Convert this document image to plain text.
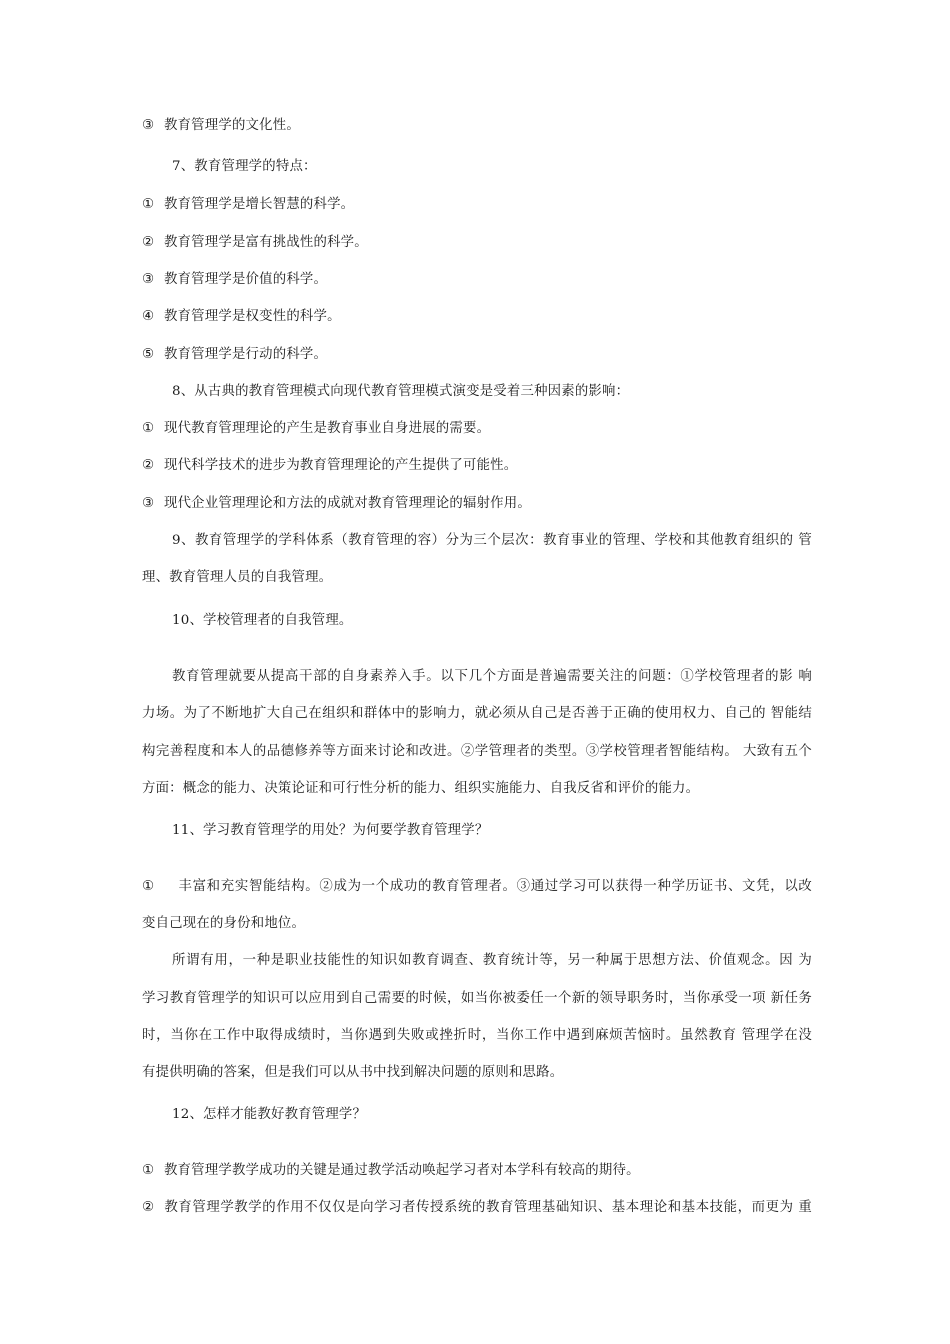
③ 教育管理学的文化性。
7、教育管理学的特点：
① 教育管理学是增长智慧的科学。
② 教育管理学是富有挑战性的科学。
③ 教育管理学是价值的科学。
④ 教育管理学是权变性的科学。
⑤ 教育管理学是行动的科学。
8、从古典的教育管理模式向现代教育管理模式演变是受着三种因素的影响：
① 现代教育管理理论的产生是教育事业自身进展的需要。
② 现代科学技术的进步为教育管理理论的产生提供了可能性。
③ 现代企业管理理论和方法的成就对教育管理理论的辐射作用。
9、教育管理学的学科体系（教育管理的容）分为三个层次：教育事业的管理、学校和其他教育组织的 管
理、教育管理人员的自我管理。
10、学校管理者的自我管理。
教育管理就要从提高干部的自身素养入手。以下几个方面是普遍需要关注的问题：①学校管理者的影 响
力场。为了不断地扩大自己在组织和群体中的影响力，就必须从自己是否善于正确的使用权力、自己的 智能结
构完善程度和本人的品德修养等方面来讨论和改进。②学管理者的类型。③学校管理者智能结构。 大致有五个
方面：概念的能力、决策论证和可行性分析的能力、组织实施能力、自我反省和评价的能力。
11、学习教育管理学的用处？为何要学教育管理学？
① 丰富和充实智能结构。②成为一个成功的教育管理者。③通过学习可以获得一种学历证书、文凭，以改
变自己现在的身份和地位。
所谓有用，一种是职业技能性的知识如教育调查、教育统计等，另一种属于思想方法、价值观念。因 为
学习教育管理学的知识可以应用到自己需要的时候，如当你被委任一个新的领导职务时，当你承受一项 新任务
时，当你在工作中取得成绩时，当你遇到失败或挫折时，当你工作中遇到麻烦苦恼时。虽然教育 管理学在没
有提供明确的答案，但是我们可以从书中找到解决问题的原则和思路。
12、怎样才能教好教育管理学？
① 教育管理学教学成功的关键是通过教学活动唤起学习者对本学科有较高的期待。
② 教育管理学教学的作用不仅仅是向学习者传授系统的教育管理基础知识、基本理论和基本技能，而更为 重
